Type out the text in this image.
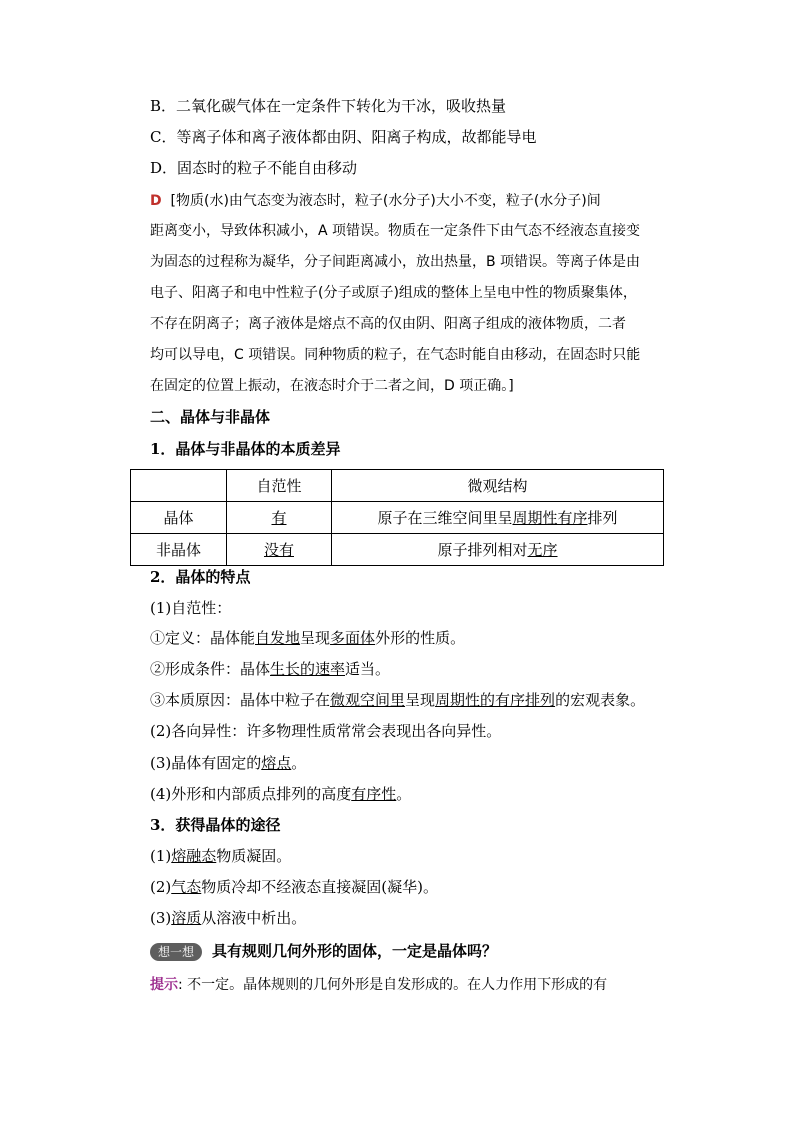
B．二氧化碳气体在一定条件下转化为干冰，吸收热量
C．等离子体和离子液体都由阴、阳离子构成，故都能导电
D．固态时的粒子不能自由移动
D [物质(水)由气态变为液态时，粒子(水分子)大小不变，粒子(水分子)间
距离变小，导致体积减小，A 项错误。物质在一定条件下由气态不经液态直接变
为固态的过程称为凝华，分子间距离减小，放出热量，B 项错误。等离子体是由
电子、阳离子和电中性粒子(分子或原子)组成的整体上呈电中性的物质聚集体，
不存在阴离子；离子液体是熔点不高的仅由阴、阳离子组成的液体物质，二者
均可以导电，C 项错误。同种物质的粒子，在气态时能自由移动，在固态时只能
在固定的位置上振动，在液态时介于二者之间，D 项正确。]
二、晶体与非晶体
1．晶体与非晶体的本质差异
	自范性	微观结构
晶体	有	原子在三维空间里呈周期性有序排列
非晶体	没有	原子排列相对无序
2．晶体的特点
(1)自范性：
①定义：晶体能自发地呈现多面体外形的性质。
②形成条件：晶体生长的速率适当。
③本质原因：晶体中粒子在微观空间里呈现周期性的有序排列的宏观表象。
(2)各向异性：许多物理性质常常会表现出各向异性。
(3)晶体有固定的熔点。
(4)外形和内部质点排列的高度有序性。
3．获得晶体的途径
(1)熔融态物质凝固。
(2)气态物质冷却不经液态直接凝固(凝华)。
(3)溶质从溶液中析出。
想一想 具有规则几何外形的固体，一定是晶体吗？
提示: 不一定。晶体规则的几何外形是自发形成的。在人力作用下形成的有
